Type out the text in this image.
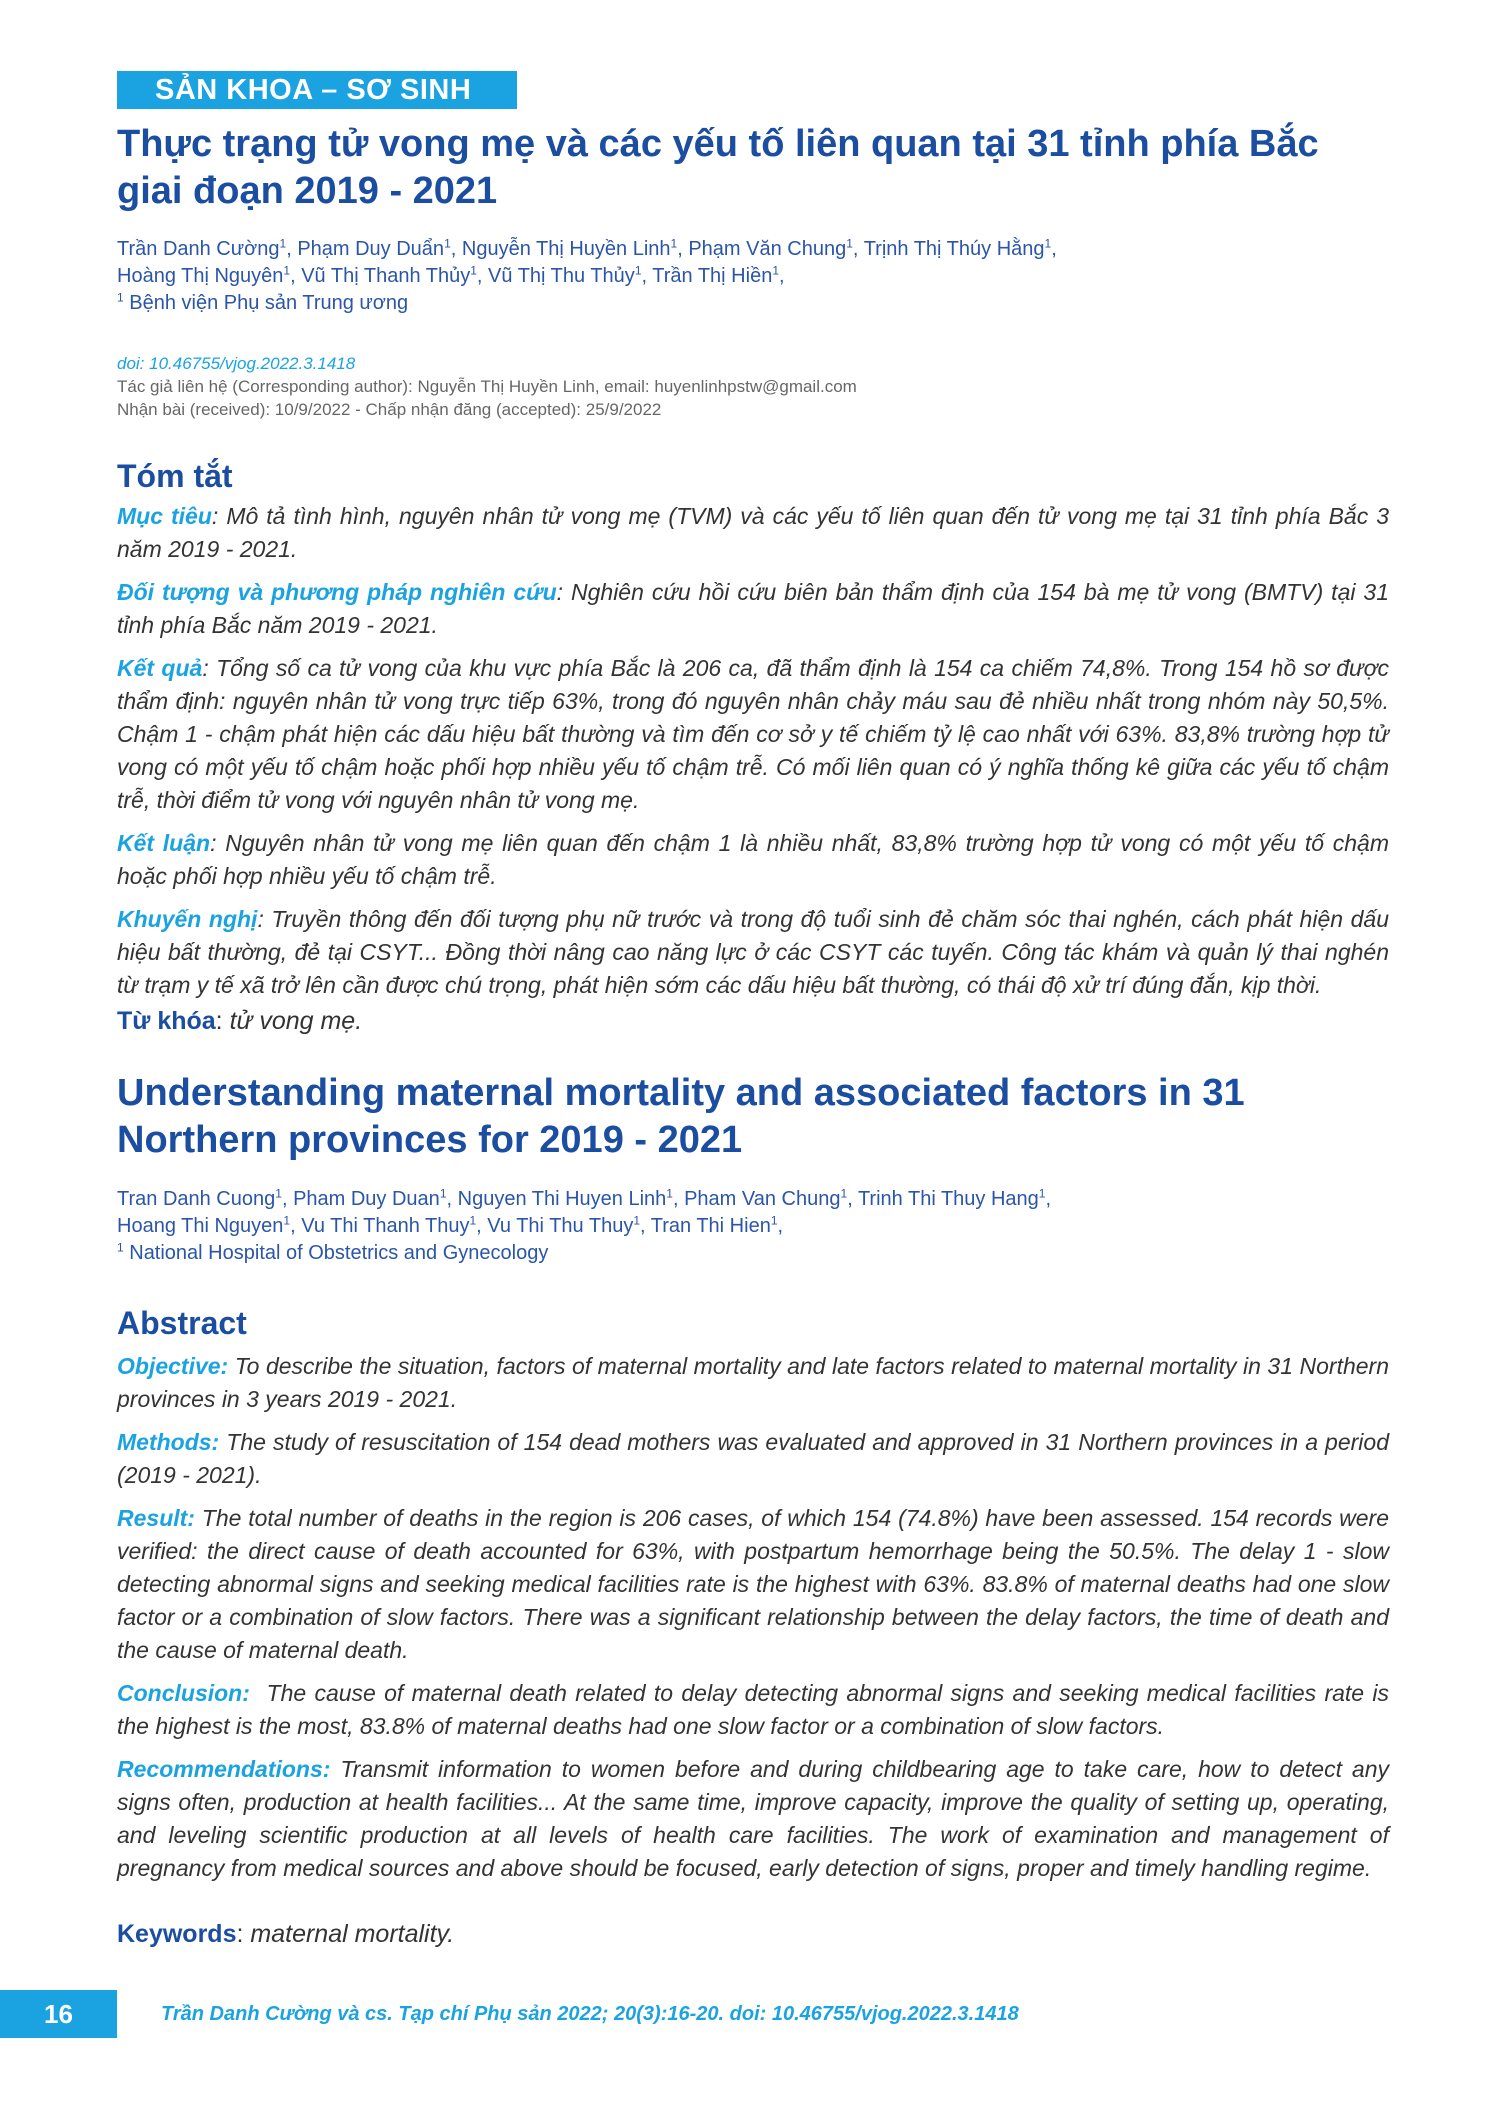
SẢN KHOA – SƠ SINH
Thực trạng tử vong mẹ và các yếu tố liên quan tại 31 tỉnh phía Bắc giai đoạn 2019 - 2021
Trần Danh Cường$^1$, Phạm Duy Duẩn$^1$, Nguyễn Thị Huyền Linh$^1$, Phạm Văn Chung$^1$, Trịnh Thị Thúy Hằng$^1$,
Hoàng Thị Nguyên$^1$, Vũ Thị Thanh Thủy$^1$, Vũ Thị Thu Thủy$^1$, Trần Thị Hiền$^1$,
$^1$ Bệnh viện Phụ sản Trung ương
doi: 10.46755/vjog.2022.3.1418
Tác giả liên hệ (Corresponding author): Nguyễn Thị Huyền Linh, email: huyenlinhpstw@gmail.com
Nhận bài (received): 10/9/2022 - Chấp nhận đăng (accepted): 25/9/2022
Tóm tắt

Mục tiêu: Mô tả tình hình, nguyên nhân tử vong mẹ (TVM) và các yếu tố liên quan đến tử vong mẹ tại 31 tỉnh phía Bắc 3 năm 2019 - 2021.

Đối tượng và phương pháp nghiên cứu: Nghiên cứu hồi cứu biên bản thẩm định của 154 bà mẹ tử vong (BMTV) tại 31 tỉnh phía Bắc năm 2019 - 2021.

Kết quả: Tổng số ca tử vong của khu vực phía Bắc là 206 ca, đã thẩm định là 154 ca chiếm 74,8%. Trong 154 hồ sơ được thẩm định: nguyên nhân tử vong trực tiếp 63%, trong đó nguyên nhân chảy máu sau đẻ nhiều nhất trong nhóm này 50,5%. Chậm 1 - chậm phát hiện các dấu hiệu bất thường và tìm đến cơ sở y tế chiếm tỷ lệ cao nhất với 63%. 83,8% trường hợp tử vong có một yếu tố chậm hoặc phối hợp nhiều yếu tố chậm trễ. Có mối liên quan có ý nghĩa thống kê giữa các yếu tố chậm trễ, thời điểm tử vong với nguyên nhân tử vong mẹ.

Kết luận: Nguyên nhân tử vong mẹ liên quan đến chậm 1 là nhiều nhất, 83,8% trường hợp tử vong có một yếu tố chậm hoặc phối hợp nhiều yếu tố chậm trễ.

Khuyến nghị: Truyền thông đến đối tượng phụ nữ trước và trong độ tuổi sinh đẻ chăm sóc thai nghén, cách phát hiện dấu hiệu bất thường, đẻ tại CSYT... Đồng thời nâng cao năng lực ở các CSYT các tuyến. Công tác khám và quản lý thai nghén từ trạm y tế xã trở lên cần được chú trọng, phát hiện sớm các dấu hiệu bất thường, có thái độ xử trí đúng đắn, kịp thời.

Từ khóa: tử vong mẹ.
Understanding maternal mortality and associated factors in 31 Northern provinces for 2019 - 2021
Tran Danh Cuong$^1$, Pham Duy Duan$^1$, Nguyen Thi Huyen Linh$^1$, Pham Van Chung$^1$, Trinh Thi Thuy Hang$^1$,
Hoang Thi Nguyen$^1$, Vu Thi Thanh Thuy$^1$, Vu Thi Thu Thuy$^1$, Tran Thi Hien$^1$,
$^1$ National Hospital of Obstetrics and Gynecology
Abstract

Objective: To describe the situation, factors of maternal mortality and late factors related to maternal mortality in 31 Northern provinces in 3 years 2019 - 2021.

Methods: The study of resuscitation of 154 dead mothers was evaluated and approved in 31 Northern provinces in a period (2019 - 2021).

Result: The total number of deaths in the region is 206 cases, of which 154 (74.8%) have been assessed. 154 records were verified: the direct cause of death accounted for 63%, with postpartum hemorrhage being the 50.5%. The delay 1 - slow detecting abnormal signs and seeking medical facilities rate is the highest with 63%. 83.8% of maternal deaths had one slow factor or a combination of slow factors. There was a significant relationship between the delay factors, the time of death and the cause of maternal death.

Conclusion: The cause of maternal death related to delay detecting abnormal signs and seeking medical facilities rate is the highest is the most, 83.8% of maternal deaths had one slow factor or a combination of slow factors.

Recommendations: Transmit information to women before and during childbearing age to take care, how to detect any signs often, production at health facilities... At the same time, improve capacity, improve the quality of setting up, operating, and leveling scientific production at all levels of health care facilities. The work of examination and management of pregnancy from medical sources and above should be focused, early detection of signs, proper and timely handling regime.

Keywords: maternal mortality.
16	Trần Danh Cường và cs. Tạp chí Phụ sản 2022; 20(3):16-20. doi: 10.46755/vjog.2022.3.1418
